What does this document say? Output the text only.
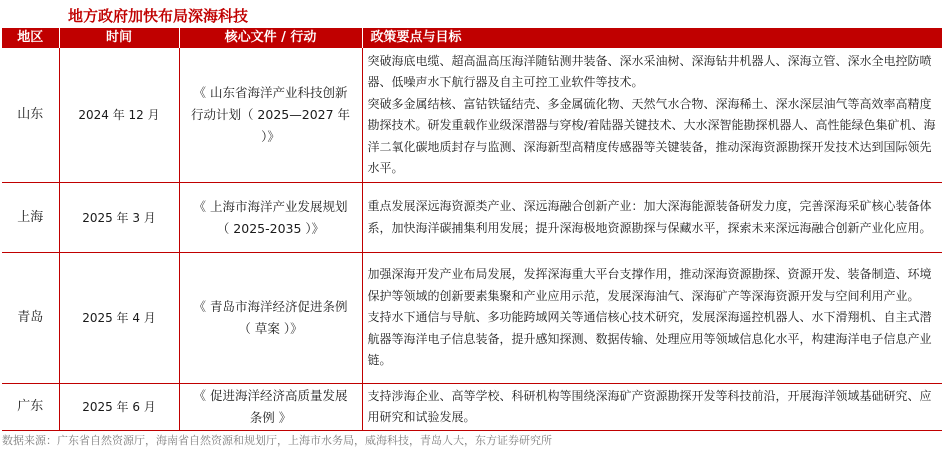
地方政府加快布局深海科技
地区	时间	核心文件 / 行动	政策要点与目标
山东	2024 年 12 月	《 山东省海洋产业科技创新行动计划（ 2025—2027 年 ）》	突破海底电缆、超高温高压海洋随钻测井装备、深水采油树、深海钻井机器人、深海立管、深水全电控防喷器、低噪声水下航行器及自主可控工业软件等技术。
突破多金属结核、富钴铁锰结壳、多金属硫化物、天然气水合物、深海稀土、深水深层油气等高效率高精度勘探技术。研发重载作业级深潜器与穿梭/着陆器关键技术、大水深智能勘探机器人、高性能绿色集矿机、海洋二氧化碳地质封存与监测、深海新型高精度传感器等关键装备，推动深海资源勘探开发技术达到国际领先水平。

上海	2025 年 3 月	《 上海市海洋产业发展规划（ 2025-2035 ）》	重点发展深远海资源类产业、深远海融合创新产业：加大深海能源装备研发力度，完善深海采矿核心装备体系，加快海洋碳捕集利用发展；提升深海极地资源勘探与保藏水平，探索未来深远海融合创新产业化应用。

青岛	2025 年 4 月	《 青岛市海洋经济促进条例（ 草案 ）》	加强深海开发产业布局发展，发挥深海重大平台支撑作用，推动深海资源勘探、资源开发、装备制造、环境保护等领域的创新要素集聚和产业应用示范，发展深海油气、深海矿产等深海资源开发与空间利用产业。
支持水下通信与导航、多功能跨域网关等通信核心技术研究，发展深海遥控机器人、水下滑翔机、自主式潜航器等海洋电子信息装备，提升感知探测、数据传输、处理应用等领域信息化水平，构建海洋电子信息产业链。

广东	2025 年 6 月	《 促进海洋经济高质量发展条例 》	支持涉海企业、高等学校、科研机构等围绕深海矿产资源勘探开发等科技前沿，开展海洋领域基础研究、应用研究和试验发展。
数据来源：广东省自然资源厅，海南省自然资源和规划厅，上海市水务局，威海科技，青岛人大，东方证券研究所
